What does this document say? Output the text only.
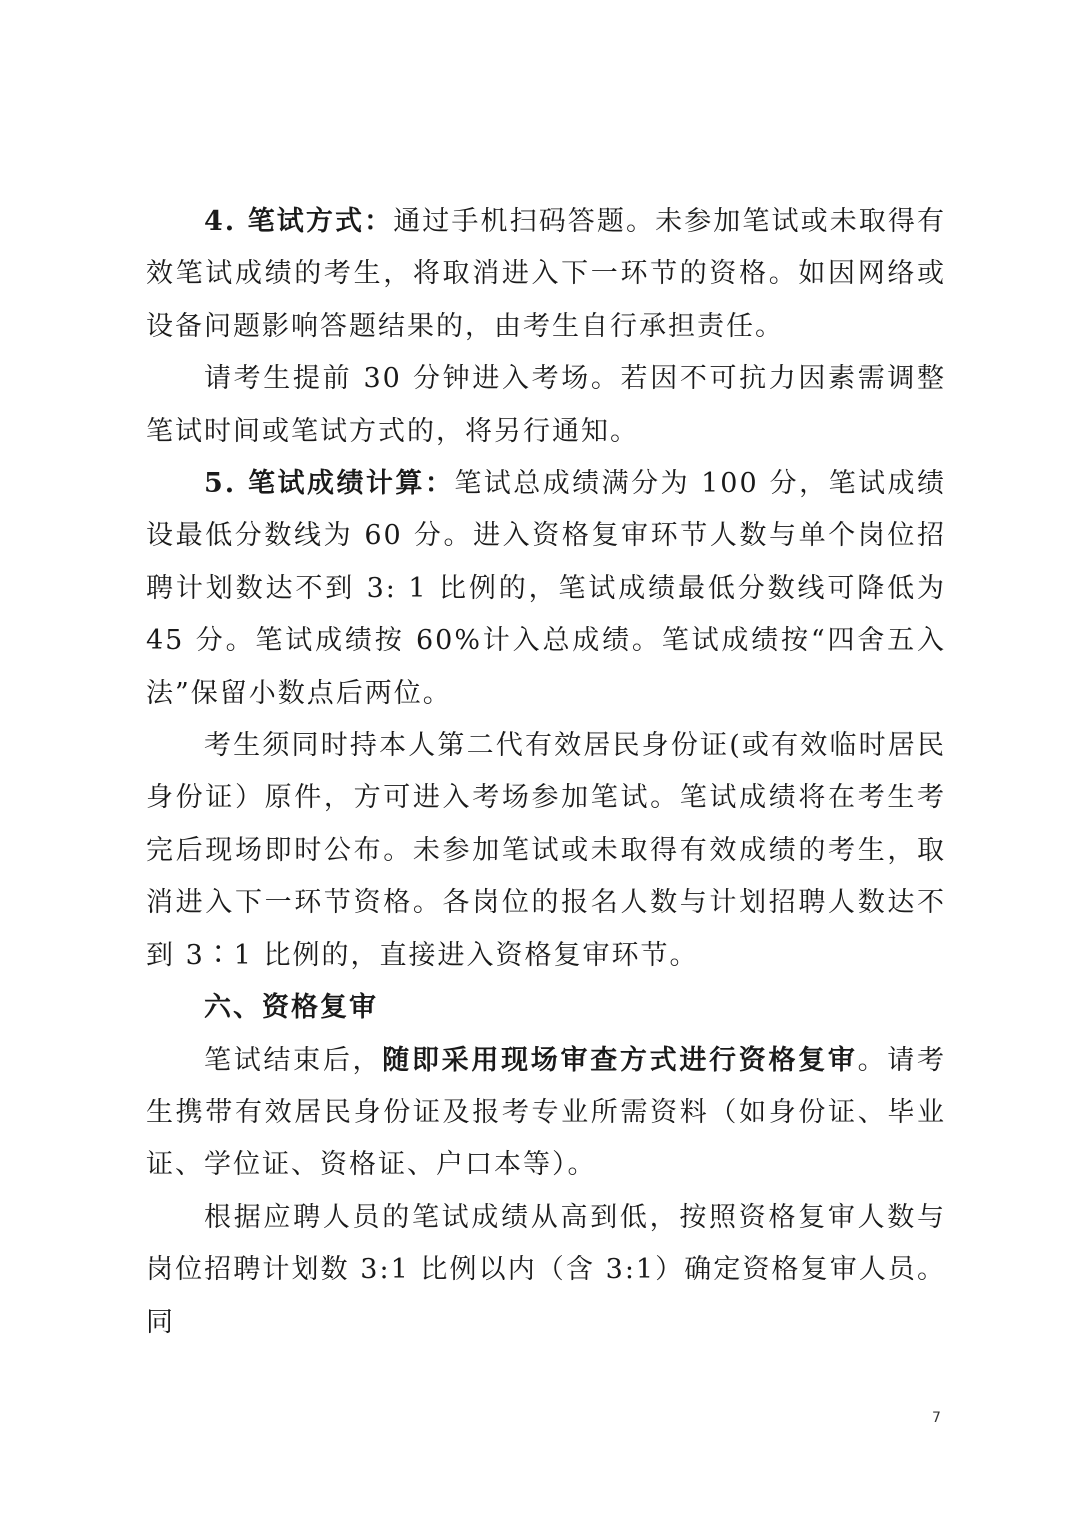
4. 笔试方式：通过手机扫码答题。未参加笔试或未取得有效笔试成绩的考生，将取消进入下一环节的资格。如因网络或设备问题影响答题结果的，由考生自行承担责任。

请考生提前 30 分钟进入考场。若因不可抗力因素需调整笔试时间或笔试方式的，将另行通知。

5. 笔试成绩计算：笔试总成绩满分为 100 分，笔试成绩设最低分数线为 60 分。进入资格复审环节人数与单个岗位招聘计划数达不到 3: 1 比例的，笔试成绩最低分数线可降低为 45 分。笔试成绩按 60%计入总成绩。笔试成绩按“四舍五入法”保留小数点后两位。

考生须同时持本人第二代有效居民身份证(或有效临时居民身份证）原件，方可进入考场参加笔试。笔试成绩将在考生考完后现场即时公布。未参加笔试或未取得有效成绩的考生，取消进入下一环节资格。各岗位的报名人数与计划招聘人数达不到 3∶1 比例的，直接进入资格复审环节。

六、资格复审

笔试结束后，随即采用现场审查方式进行资格复审。请考生携带有效居民身份证及报考专业所需资料（如身份证、毕业证、学位证、资格证、户口本等）。

根据应聘人员的笔试成绩从高到低，按照资格复审人数与岗位招聘计划数 3:1 比例以内（含 3:1）确定资格复审人员。同

7
